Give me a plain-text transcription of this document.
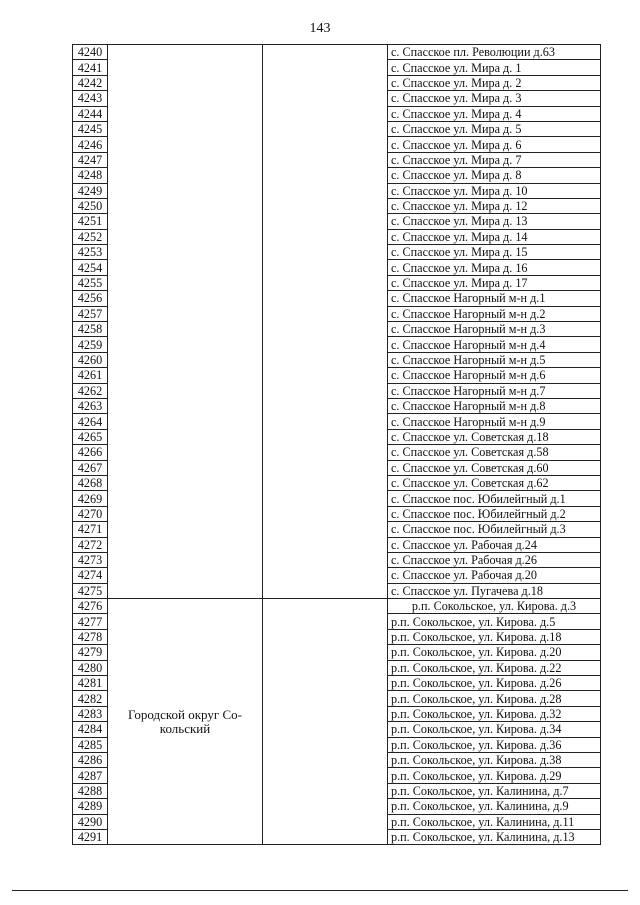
143
4240			с. Спасское пл. Революции д.63
4241			с. Спасское ул. Мира д. 1
4242			с. Спасское ул. Мира д. 2
4243			с. Спасское ул. Мира д. 3
4244			с. Спасское ул. Мира д. 4
4245			с. Спасское ул. Мира д. 5
4246			с. Спасское ул. Мира д. 6
4247			с. Спасское ул. Мира д. 7
4248			с. Спасское ул. Мира д. 8
4249			с. Спасское ул. Мира д. 10
4250			с. Спасское ул. Мира д. 12
4251			с. Спасское ул. Мира д. 13
4252			с. Спасское ул. Мира д. 14
4253			с. Спасское ул. Мира д. 15
4254			с. Спасское ул. Мира д. 16
4255			с. Спасское ул. Мира д. 17
4256			с. Спасское Нагорный м-н д.1
4257			с. Спасское Нагорный м-н д.2
4258			с. Спасское Нагорный м-н д.3
4259			с. Спасское Нагорный м-н д.4
4260			с. Спасское Нагорный м-н д.5
4261			с. Спасское Нагорный м-н д.6
4262			с. Спасское Нагорный м-н д.7
4263			с. Спасское Нагорный м-н д.8
4264			с. Спасское Нагорный м-н д.9
4265			с. Спасское ул. Советская д.18
4266			с. Спасское ул. Советская д.58
4267			с. Спасское ул. Советская д.60
4268			с. Спасское ул. Советская д.62
4269			с. Спасское пос. Юбилейгный д.1
4270			с. Спасское пос. Юбилейгный д.2
4271			с. Спасское пос. Юбилейгный д.3
4272			с. Спасское ул. Рабочая д.24
4273			с. Спасское ул. Рабочая д.26
4274			с. Спасское ул. Рабочая д.20
4275			с. Спасское ул. Пугачева д.18
4276	Городской округ Со-
кольский		р.п. Сокольское, ул. Кирова. д.3
4277			р.п. Сокольское, ул. Кирова. д.5
4278			р.п. Сокольское, ул. Кирова. д.18
4279			р.п. Сокольское, ул. Кирова. д.20
4280			р.п. Сокольское, ул. Кирова. д.22
4281			р.п. Сокольское, ул. Кирова. д.26
4282			р.п. Сокольское, ул. Кирова. д.28
4283			р.п. Сокольское, ул. Кирова. д.32
4284			р.п. Сокольское, ул. Кирова. д.34
4285			р.п. Сокольское, ул. Кирова. д.36
4286			р.п. Сокольское, ул. Кирова. д.38
4287			р.п. Сокольское, ул. Кирова. д.29
4288			р.п. Сокольское, ул. Калинина, д.7
4289			р.п. Сокольское, ул. Калинина, д.9
4290			р.п. Сокольское, ул. Калинина, д.11
4291			р.п. Сокольское, ул. Калинина, д.13
